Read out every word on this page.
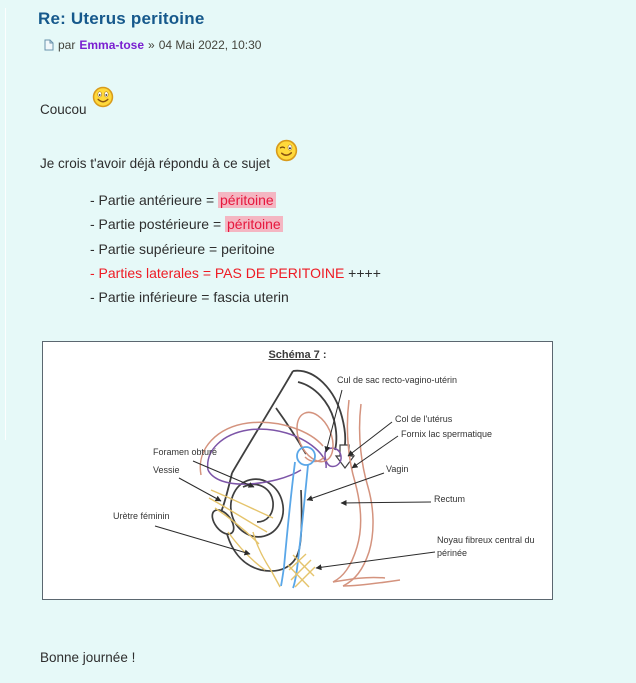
Re: Uterus peritoine
par Emma-tose » 04 Mai 2022, 10:30
Coucou
Je crois t'avoir déjà répondu à ce sujet
- Partie antérieure = péritoine
- Partie postérieure = péritoine
- Partie supérieure = peritoine
- Parties laterales = PAS DE PERITOINE ++++
- Partie inférieure = fascia uterin
Schéma 7 :
Cul de sac recto-vagino-utérin
Col de l'utérus
Fornix lac spermatique
Foramen obturé
Vessie	Vagin
Rectum
Urètre féminin
Noyau fibreux central du
périnée
Bonne journée !
